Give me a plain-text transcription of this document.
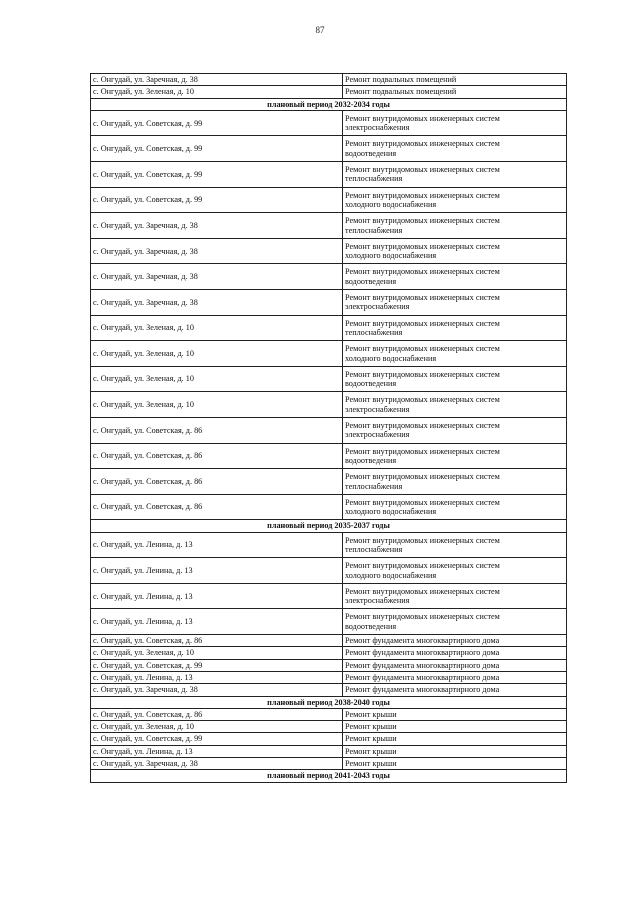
87
с. Онгудай, ул. Заречная, д. 38	Ремонт подвальных помещений

с. Онгудай, ул. Зеленая, д. 10	Ремонт подвальных помещений

плановый период 2032-2034 годы	
с. Онгудай, ул. Советская, д. 99	Ремонт внутридомовых инженерных систем
электроснабжения

с. Онгудай, ул. Советская, д. 99	Ремонт внутридомовых инженерных систем
водоотведения

с. Онгудай, ул. Советская, д. 99	Ремонт внутридомовых инженерных систем
теплоснабжения

с. Онгудай, ул. Советская, д. 99	Ремонт внутридомовых инженерных систем
холодного водоснабжения

с. Онгудай, ул. Заречная, д. 38	Ремонт внутридомовых инженерных систем
теплоснабжения

с. Онгудай, ул. Заречная, д. 38	Ремонт внутридомовых инженерных систем
холодного водоснабжения

с. Онгудай, ул. Заречная, д. 38	Ремонт внутридомовых инженерных систем
водоотведения

с. Онгудай, ул. Заречная, д. 38	Ремонт внутридомовых инженерных систем
электроснабжения

с. Онгудай, ул. Зеленая, д. 10	Ремонт внутридомовых инженерных систем
теплоснабжения

с. Онгудай, ул. Зеленая, д. 10	Ремонт внутридомовых инженерных систем
холодного водоснабжения

с. Онгудай, ул. Зеленая, д. 10	Ремонт внутридомовых инженерных систем
водоотведения

с. Онгудай, ул. Зеленая, д. 10	Ремонт внутридомовых инженерных систем
электроснабжения

с. Онгудай, ул. Советская, д. 86	Ремонт внутридомовых инженерных систем
электроснабжения

с. Онгудай, ул. Советская, д. 86	Ремонт внутридомовых инженерных систем
водоотведения

с. Онгудай, ул. Советская, д. 86	Ремонт внутридомовых инженерных систем
теплоснабжения

с. Онгудай, ул. Советская, д. 86	Ремонт внутридомовых инженерных систем
холодного водоснабжения

плановый период 2035-2037 годы	
с. Онгудай, ул. Ленина, д. 13	Ремонт внутридомовых инженерных систем
теплоснабжения

с. Онгудай, ул. Ленина, д. 13	Ремонт внутридомовых инженерных систем
холодного водоснабжения

с. Онгудай, ул. Ленина, д. 13	Ремонт внутридомовых инженерных систем
электроснабжения

с. Онгудай, ул. Ленина, д. 13	Ремонт внутридомовых инженерных систем
водоотведения

с. Онгудай, ул. Советская, д. 86	Ремонт фундамента многоквартирного дома

с. Онгудай, ул. Зеленая, д. 10	Ремонт фундамента многоквартирного дома

с. Онгудай, ул. Советская, д. 99	Ремонт фундамента многоквартирного дома

с. Онгудай, ул. Ленина, д. 13	Ремонт фундамента многоквартирного дома

с. Онгудай, ул. Заречная, д. 38	Ремонт фундамента многоквартирного дома

плановый период 2038-2040 годы	
с. Онгудай, ул. Советская, д. 86	Ремонт крыши

с. Онгудай, ул. Зеленая, д. 10	Ремонт крыши

с. Онгудай, ул. Советская, д. 99	Ремонт крыши

с. Онгудай, ул. Ленина, д. 13	Ремонт крыши

с. Онгудай, ул. Заречная, д. 38	Ремонт крыши

плановый период 2041-2043 годы	
